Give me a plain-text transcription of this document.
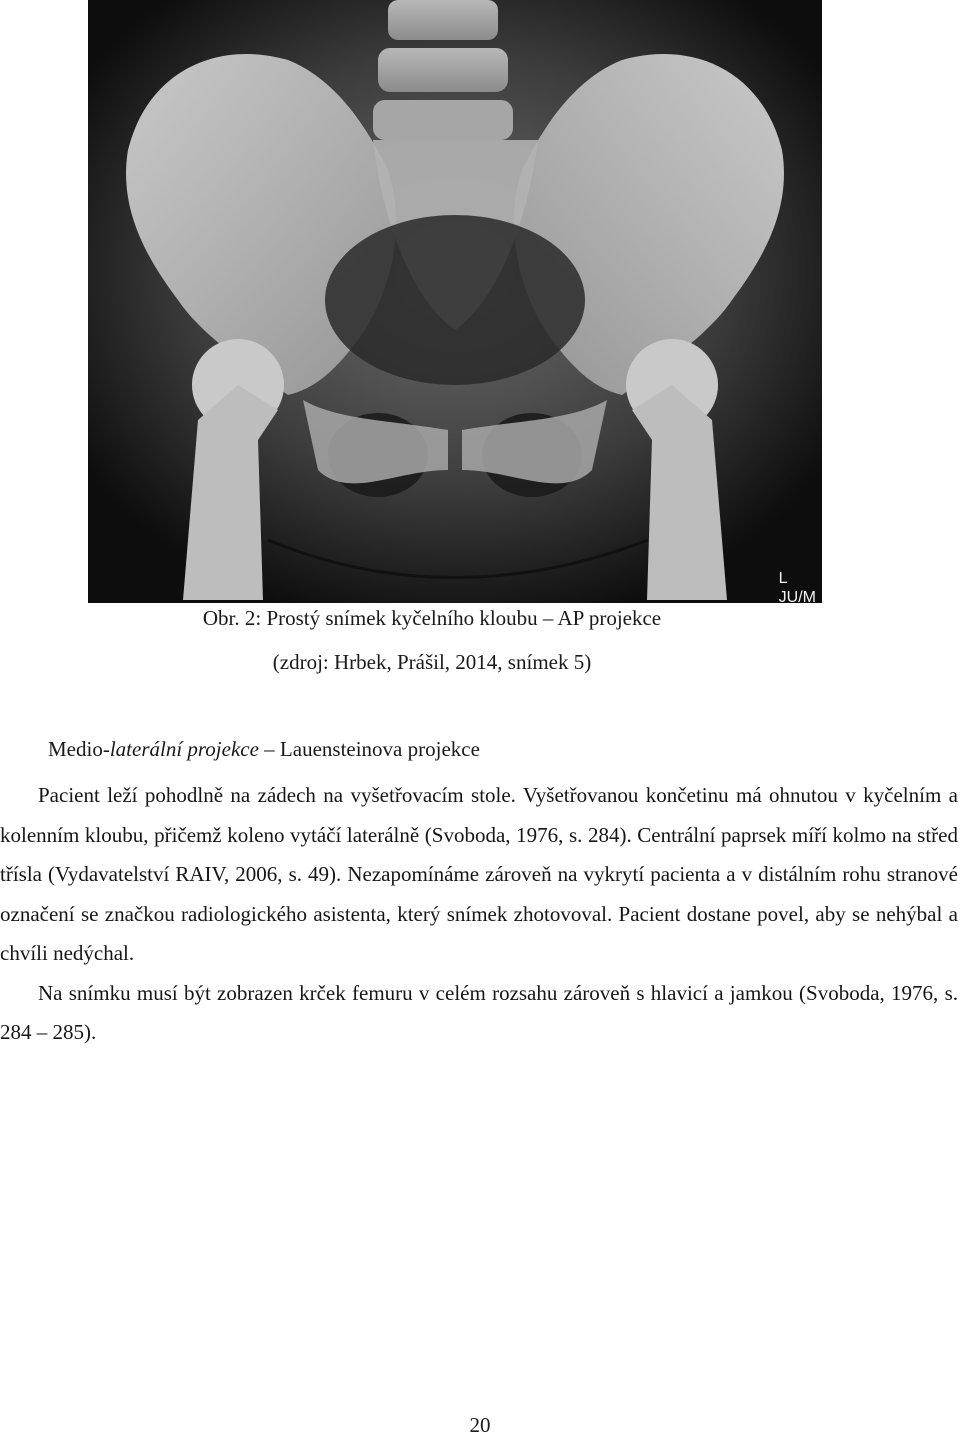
L
JU/M
Obr. 2: Prostý snímek kyčelního kloubu – AP projekce
(zdroj: Hrbek, Prášil, 2014, snímek 5)
Medio-laterální projekce – Lauensteinova projekce

Pacient leží pohodlně na zádech na vyšetřovacím stole. Vyšetřovanou končetinu má ohnutou v kyčelním a kolenním kloubu, přičemž koleno vytáčí laterálně (Svoboda, 1976, s. 284). Centrální paprsek míří kolmo na střed třísla (Vydavatelství RAIV, 2006, s. 49). Nezapomínáme zároveň na vykrytí pacienta a v distálním rohu stranové označení se značkou radiologického asistenta, který snímek zhotovoval. Pacient dostane povel, aby se nehýbal a chvíli nedýchal.

Na snímku musí být zobrazen krček femuru v celém rozsahu zároveň s hlavicí a jamkou (Svoboda, 1976, s. 284 – 285).

20
